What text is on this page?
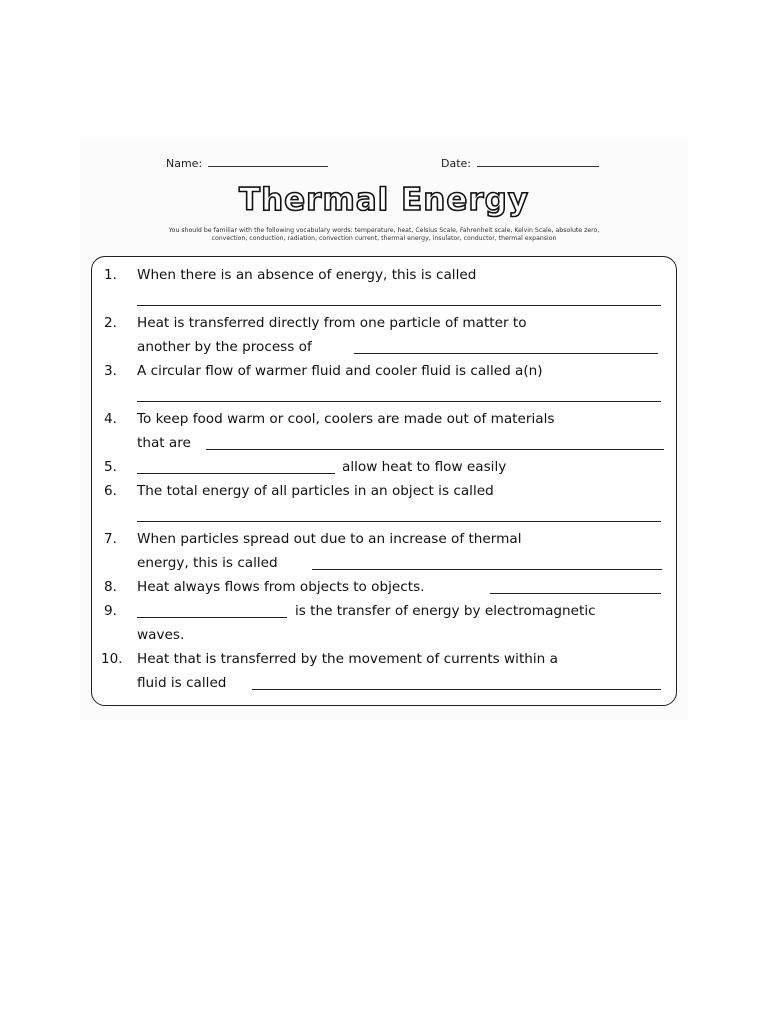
Name:	Date:
Thermal Energy
You should be familiar with the following vocabulary words: temperature, heat, Celsius Scale, Fahrenheit scale, Kelvin Scale, absolute zero,
convection, conduction, radiation, convection current, thermal energy, insulator, conductor, thermal expansion
1. When there is an absence of energy, this is called
2. Heat is transferred directly from one particle of matter to
another by the process of
3. A circular flow of warmer fluid and cooler fluid is called a(n)
4. To keep food warm or cool, coolers are made out of materials
that are
5.	allow heat to flow easily
6. The total energy of all particles in an object is called
7. When particles spread out due to an increase of thermal
energy, this is called
8. Heat always flows from objects to objects.
9.	is the transfer of energy by electromagnetic
waves.
10. Heat that is transferred by the movement of currents within a
fluid is called
